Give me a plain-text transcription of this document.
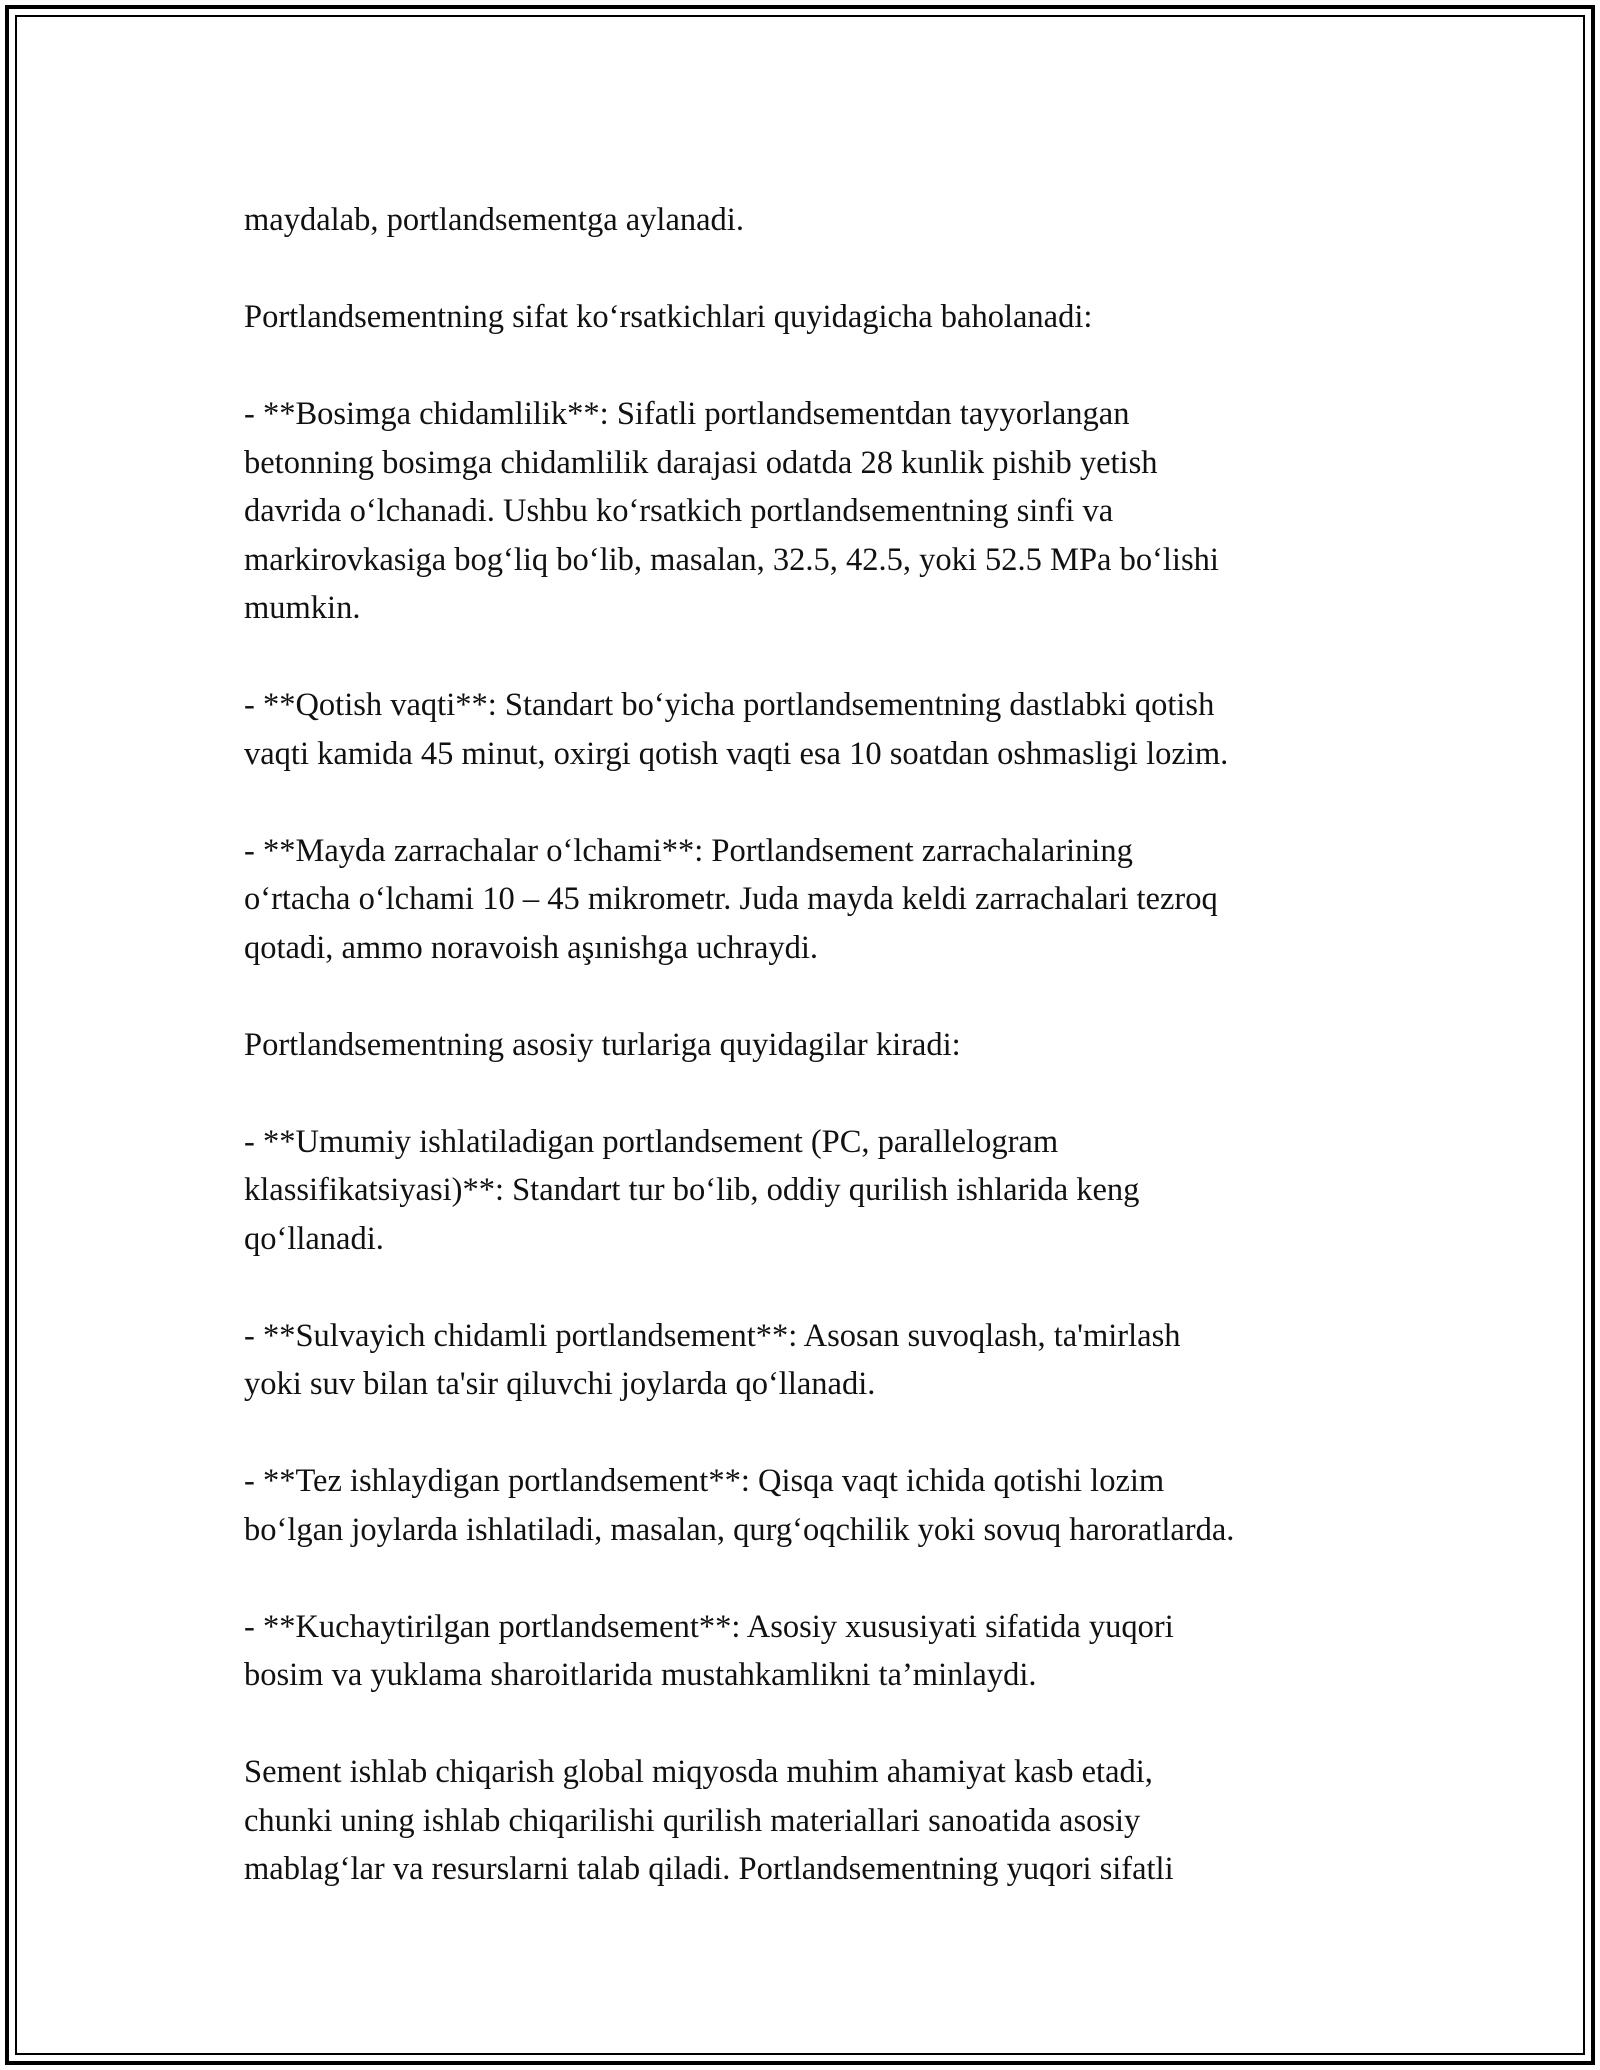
maydalab, portlandsementga aylanadi.

Portlandsementning sifat koʻrsatkichlari quyidagicha baholanadi:

- **Bosimga chidamlilik**: Sifatli portlandsementdan tayyorlangan
betonning bosimga chidamlilik darajasi odatda 28 kunlik pishib yetish
davrida oʻlchanadi. Ushbu koʻrsatkich portlandsementning sinfi va
markirovkasiga bogʻliq boʻlib, masalan, 32.5, 42.5, yoki 52.5 MPa boʻlishi
mumkin.

- **Qotish vaqti**: Standart boʻyicha portlandsementning dastlabki qotish
vaqti kamida 45 minut, oxirgi qotish vaqti esa 10 soatdan oshmasligi lozim.

- **Mayda zarrachalar oʻlchami**: Portlandsement zarrachalarining
oʻrtacha oʻlchami 10 – 45 mikrometr. Juda mayda keldi zarrachalari tezroq
qotadi, ammo noravoish aşınishga uchraydi.

Portlandsementning asosiy turlariga quyidagilar kiradi:

- **Umumiy ishlatiladigan portlandsement (PC, parallelogram
klassifikatsiyasi)**: Standart tur boʻlib, oddiy qurilish ishlarida keng
qoʻllanadi.

- **Sulvayich chidamli portlandsement**: Asosan suvoqlash, ta'mirlash
yoki suv bilan ta'sir qiluvchi joylarda qoʻllanadi.

- **Tez ishlaydigan portlandsement**: Qisqa vaqt ichida qotishi lozim
boʻlgan joylarda ishlatiladi, masalan, qurgʻoqchilik yoki sovuq haroratlarda.

- **Kuchaytirilgan portlandsement**: Asosiy xususiyati sifatida yuqori
bosim va yuklama sharoitlarida mustahkamlikni ta’minlaydi.

Sement ishlab chiqarish global miqyosda muhim ahamiyat kasb etadi,
chunki uning ishlab chiqarilishi qurilish materiallari sanoatida asosiy
mablagʻlar va resurslarni talab qiladi. Portlandsementning yuqori sifatli
